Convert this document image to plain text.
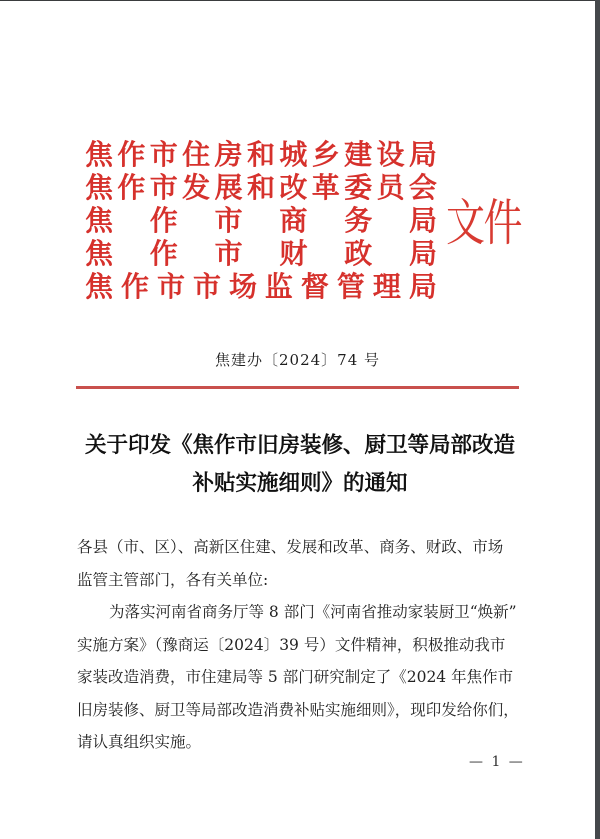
焦 作 市 住 房 和 城 乡 建 设 局
焦 作 市 发 展 和 改 革 委 员 会
焦 作 市 商 务 局
焦 作 市 财 政 局
焦 作 市 市 场 监 督 管 理 局
文件
焦建办〔2024〕74 号
关于印发《焦作市旧房装修、厨卫等局部改造
补贴实施细则》的通知

各县（市、区）、高新区住建、发展和改革、商务、财政、市场

监管主管部门，各有关单位:

为落实河南省商务厅等 8 部门《河南省推动家装厨卫“焕新”

实施方案》（豫商运〔2024〕39 号）文件精神，积极推动我市

家装改造消费，市住建局等 5 部门研究制定了《2024 年焦作市

旧房装修、厨卫等局部改造消费补贴实施细则》，现印发给你们，

请认真组织实施。

— 1 —
